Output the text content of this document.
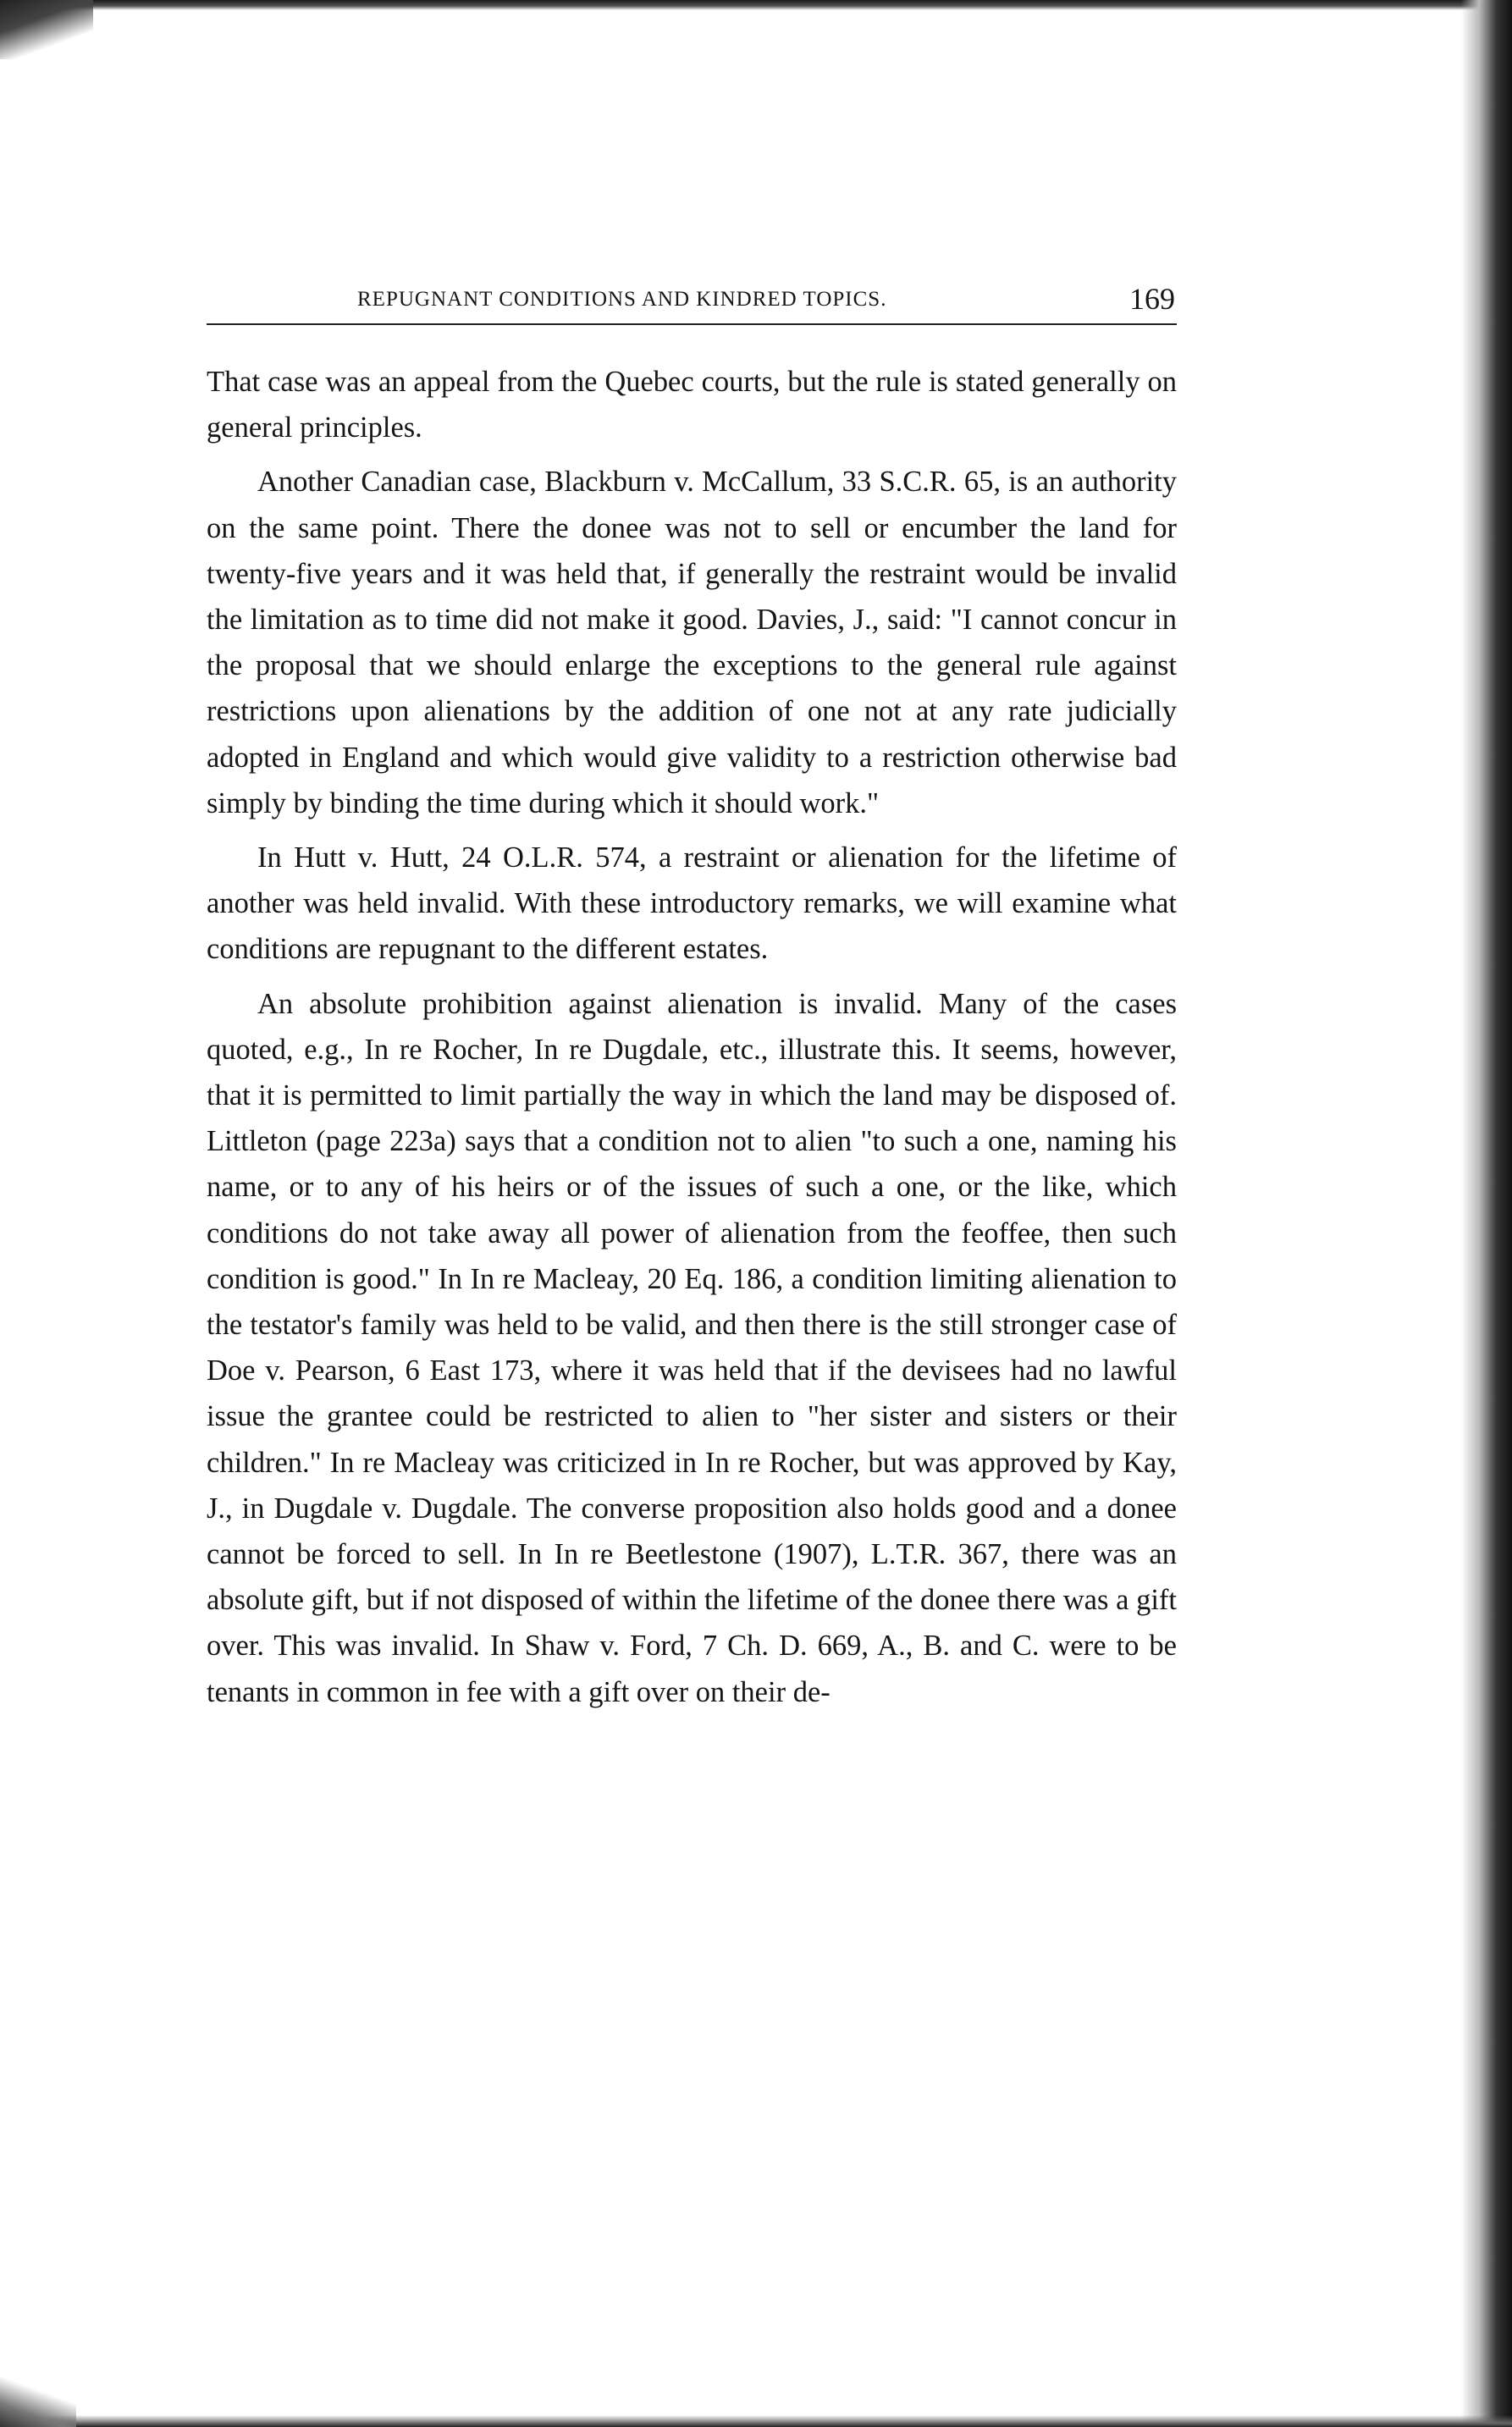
REPUGNANT CONDITIONS AND KINDRED TOPICS.	169

That case was an appeal from the Quebec courts, but the rule is stated generally on general principles.

Another Canadian case, Blackburn v. McCallum, 33 S.C.R. 65, is an authority on the same point. There the donee was not to sell or encumber the land for twenty-five years and it was held that, if generally the restraint would be invalid the limitation as to time did not make it good. Davies, J., said: "I cannot concur in the proposal that we should enlarge the exceptions to the general rule against restrictions upon alienations by the addition of one not at any rate judicially adopted in England and which would give validity to a restriction otherwise bad simply by binding the time during which it should work."

In Hutt v. Hutt, 24 O.L.R. 574, a restraint or alienation for the lifetime of another was held invalid. With these introductory remarks, we will examine what conditions are repugnant to the different estates.

An absolute prohibition against alienation is invalid. Many of the cases quoted, e.g., In re Rocher, In re Dugdale, etc., illustrate this. It seems, however, that it is permitted to limit partially the way in which the land may be disposed of. Littleton (page 223a) says that a condition not to alien "to such a one, naming his name, or to any of his heirs or of the issues of such a one, or the like, which conditions do not take away all power of alienation from the feoffee, then such condition is good." In In re Macleay, 20 Eq. 186, a condition limiting alienation to the testator's family was held to be valid, and then there is the still stronger case of Doe v. Pearson, 6 East 173, where it was held that if the devisees had no lawful issue the grantee could be restricted to alien to "her sister and sisters or their children." In re Macleay was criticized in In re Rocher, but was approved by Kay, J., in Dugdale v. Dugdale. The converse proposition also holds good and a donee cannot be forced to sell. In In re Beetlestone (1907), L.T.R. 367, there was an absolute gift, but if not disposed of within the lifetime of the donee there was a gift over. This was invalid. In Shaw v. Ford, 7 Ch. D. 669, A., B. and C. were to be tenants in common in fee with a gift over on their de-
